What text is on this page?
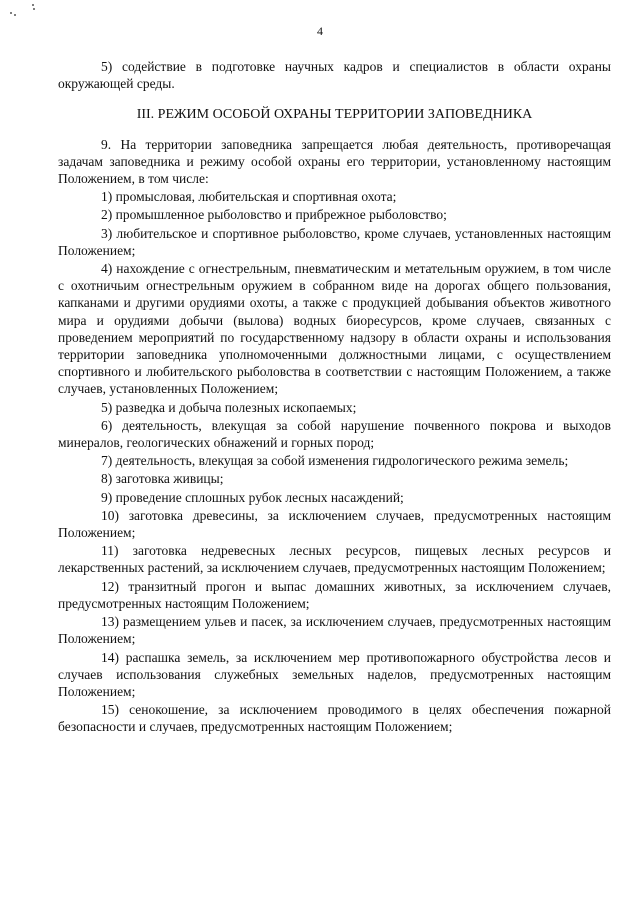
4

5) содействие в подготовке научных кадров и специалистов в области охраны окружающей среды.

III. РЕЖИМ ОСОБОЙ ОХРАНЫ ТЕРРИТОРИИ ЗАПОВЕДНИКА

9. На территории заповедника запрещается любая деятельность, противоречащая задачам заповедника и режиму особой охраны его территории, установленному настоящим Положением, в том числе:

1) промысловая, любительская и спортивная охота;

2) промышленное рыболовство и прибрежное рыболовство;

3) любительское и спортивное рыболовство, кроме случаев, установленных настоящим Положением;

4) нахождение с огнестрельным, пневматическим и метательным оружием, в том числе с охотничьим огнестрельным оружием в собранном виде на дорогах общего пользования, капканами и другими орудиями охоты, а также с продукцией добывания объектов животного мира и орудиями добычи (вылова) водных биоресурсов, кроме случаев, связанных с проведением мероприятий по государственному надзору в области охраны и использования территории заповедника уполномоченными должностными лицами, с осуществлением спортивного и любительского рыболовства в соответствии с настоящим Положением, а также случаев, установленных Положением;

5) разведка и добыча полезных ископаемых;

6) деятельность, влекущая за собой нарушение почвенного покрова и выходов минералов, геологических обнажений и горных пород;

7) деятельность, влекущая за собой изменения гидрологического режима земель;

8) заготовка живицы;

9) проведение сплошных рубок лесных насаждений;

10) заготовка древесины, за исключением случаев, предусмотренных настоящим Положением;

11) заготовка недревесных лесных ресурсов, пищевых лесных ресурсов и лекарственных растений, за исключением случаев, предусмотренных настоящим Положением;

12) транзитный прогон и выпас домашних животных, за исключением случаев, предусмотренных настоящим Положением;

13) размещением ульев и пасек, за исключением случаев, предусмотренных настоящим Положением;

14) распашка земель, за исключением мер противопожарного обустройства лесов и случаев использования служебных земельных наделов, предусмотренных настоящим Положением;

15) сенокошение, за исключением проводимого в целях обеспечения пожарной безопасности и случаев, предусмотренных настоящим Положением;
